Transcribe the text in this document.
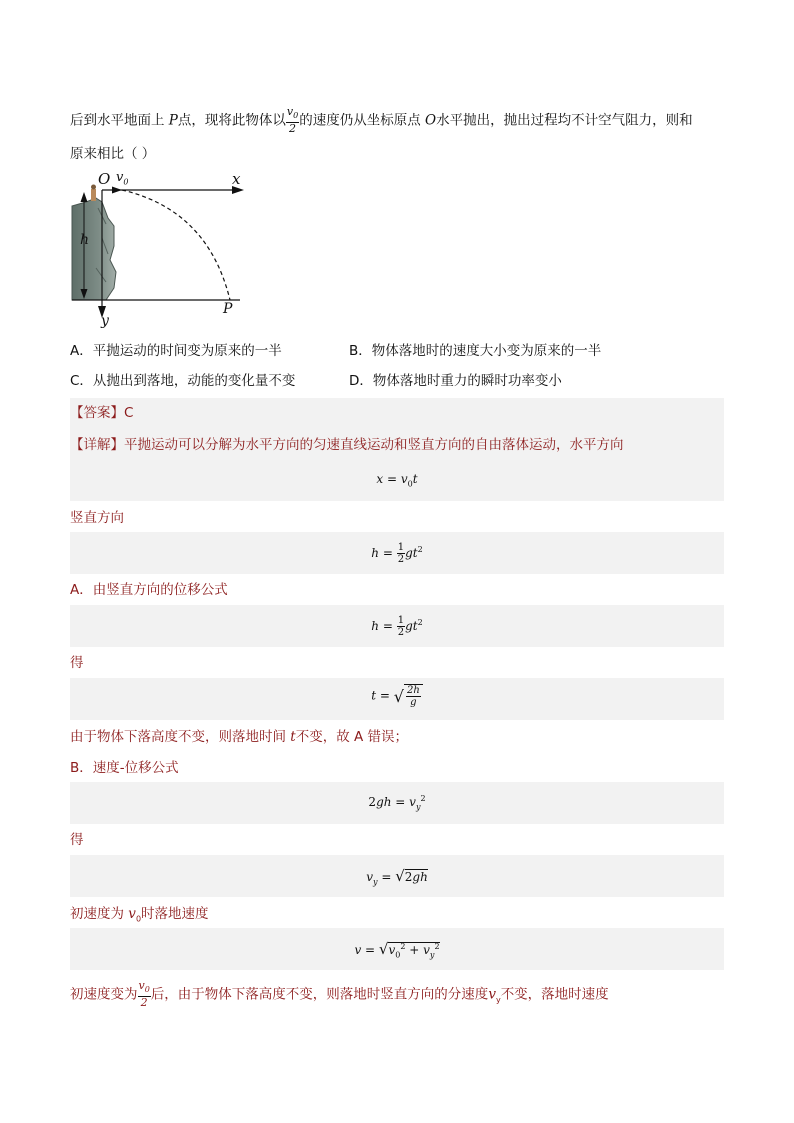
后到水平地面上 P点，现将此物体以 $\frac{v_0}{2}$ 的速度仍从坐标原点 O水平抛出，抛出过程均不计空气阻力，则和
原来相比（ ）
O $v_0$	x
h
y
P
A．平抛运动的时间变为原来的一半	B．物体落地时的速度大小变为原来的一半
C．从抛出到落地，动能的变化量不变	D．物体落地时重力的瞬时功率变小
【答案】C
【详解】平抛运动可以分解为水平方向的匀速直线运动和竖直方向的自由落体运动，水平方向
$x = v_0t$
竖直方向
$h = \frac{1}{2} gt^2$
A．由竖直方向的位移公式
$h = \frac{1}{2} gt^2$
得
t = √ $\frac{2h}{g}$
由于物体下落高度不变，则落地时间 t不变，故 A 错误；
B．速度-位移公式
$2gh = v_y^2$
得
$v_y = √2gh$
初速度为 $v_0$时落地速度
$v = √v_0^2 + v_y^2$
初速度变为 $\frac{v_0}{2}$ 后，由于物体下落高度不变，则落地时竖直方向的分速度$v_y$不变，落地时速度
